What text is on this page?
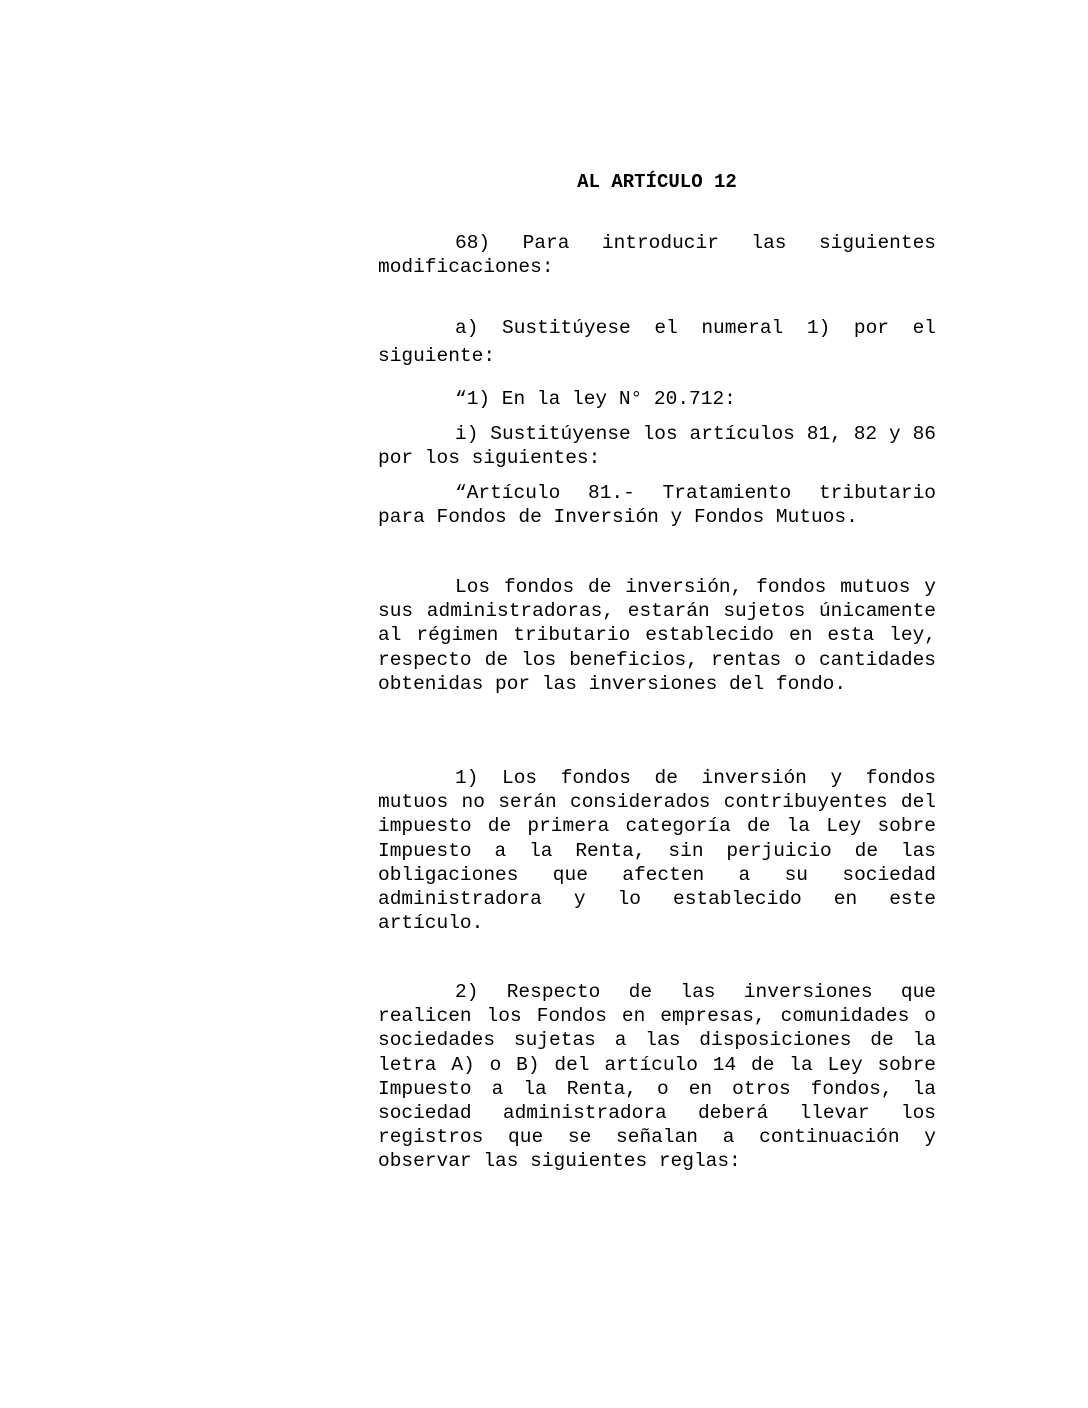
AL ARTÍCULO 12

68) Para introducir las siguientes modificaciones:

a) Sustitúyese el numeral 1) por el siguiente:

“1) En la ley N° 20.712:

i) Sustitúyense los artículos 81, 82 y 86 por los siguientes:

“Artículo 81.- Tratamiento tributario para Fondos de Inversión y Fondos Mutuos.

Los fondos de inversión, fondos mutuos y sus administradoras, estarán sujetos únicamente al régimen tributario establecido en esta ley, respecto de los beneficios, rentas o cantidades obtenidas por las inversiones del fondo.

1) Los fondos de inversión y fondos mutuos no serán considerados contribuyentes del impuesto de primera categoría de la Ley sobre Impuesto a la Renta, sin perjuicio de las obligaciones que afecten a su sociedad administradora y lo establecido en este artículo.

2) Respecto de las inversiones que realicen los Fondos en empresas, comunidades o sociedades sujetas a las disposiciones de la letra A) o B) del artículo 14 de la Ley sobre Impuesto a la Renta, o en otros fondos, la sociedad administradora deberá llevar los registros que se señalan a continuación y observar las siguientes reglas:
